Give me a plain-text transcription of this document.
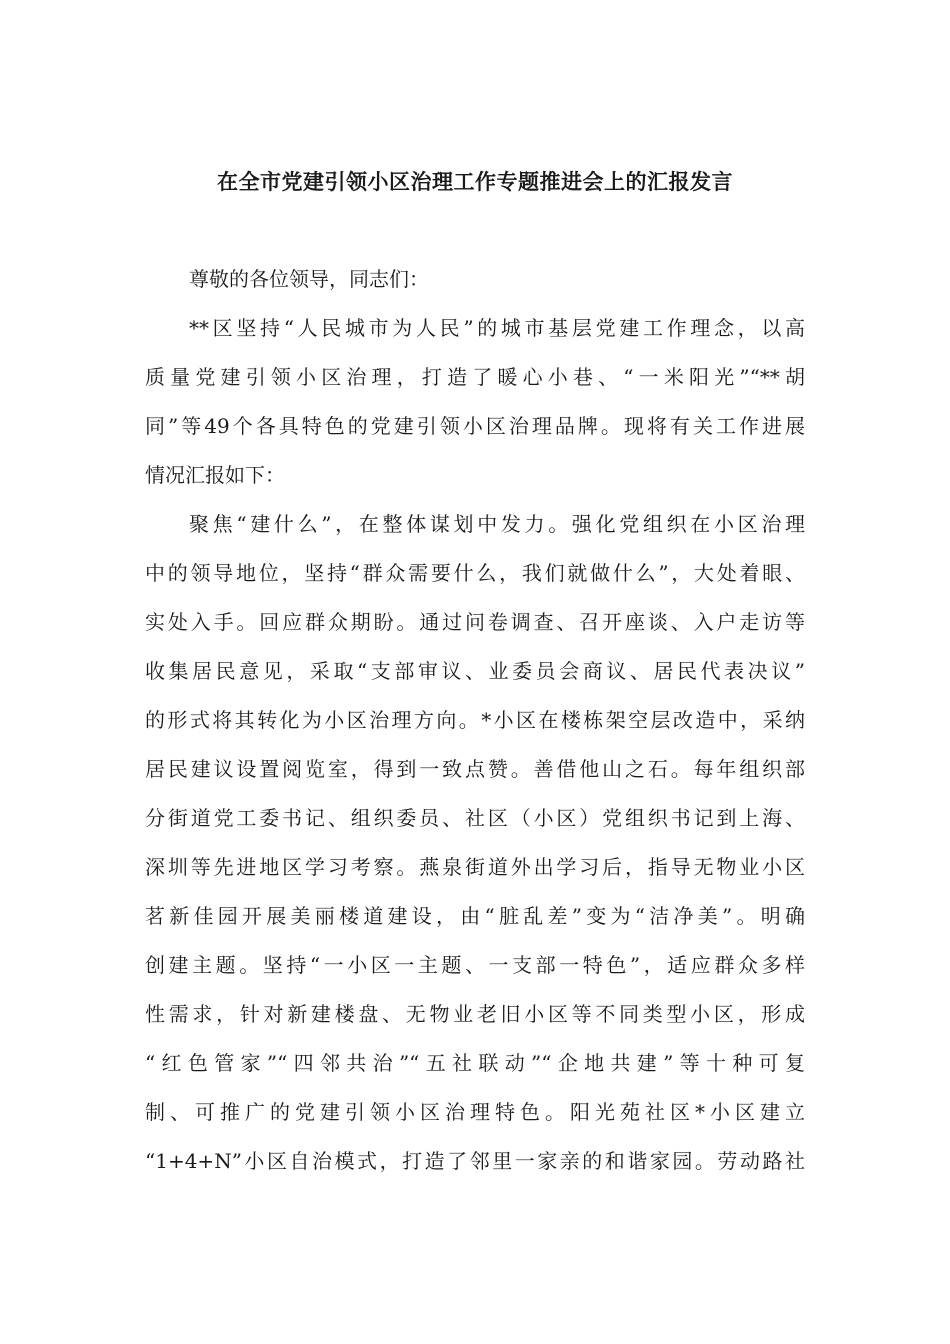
在全市党建引领小区治理工作专题推进会上的汇报发言
尊敬的各位领导，同志们：
**区坚持“人民城市为人民”的城市基层党建工作理念，以高
质量党建引领小区治理，打造了暖心小巷、“一米阳光”“**胡
同”等49个各具特色的党建引领小区治理品牌。现将有关工作进展
情况汇报如下：
聚焦“建什么”，在整体谋划中发力。强化党组织在小区治理
中的领导地位，坚持“群众需要什么，我们就做什么”，大处着眼、
实处入手。回应群众期盼。通过问卷调查、召开座谈、入户走访等
收集居民意见，采取“支部审议、业委员会商议、居民代表决议”
的形式将其转化为小区治理方向。*小区在楼栋架空层改造中，采纳
居民建议设置阅览室，得到一致点赞。善借他山之石。每年组织部
分街道党工委书记、组织委员、社区（小区）党组织书记到上海、
深圳等先进地区学习考察。燕泉街道外出学习后，指导无物业小区
茗新佳园开展美丽楼道建设，由“脏乱差”变为“洁净美”。明确
创建主题。坚持“一小区一主题、一支部一特色”，适应群众多样
性需求，针对新建楼盘、无物业老旧小区等不同类型小区，形成
“红色管家”“四邻共治”“五社联动”“企地共建”等十种可复
制、可推广的党建引领小区治理特色。阳光苑社区*小区建立
“1+4+N”小区自治模式，打造了邻里一家亲的和谐家园。劳动路社
